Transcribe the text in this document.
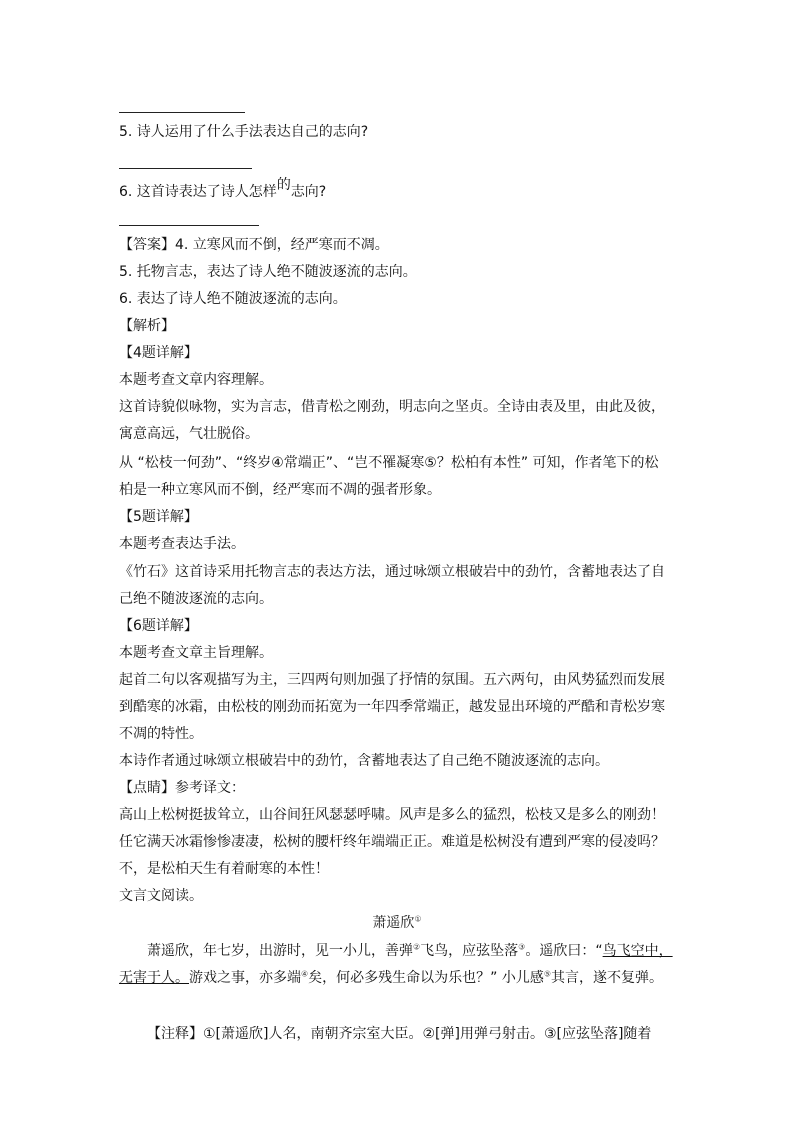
5. 诗人运用了什么手法表达自己的志向?
6. 这首诗表达了诗人怎样的志向?
【答案】4. 立寒风而不倒，经严寒而不凋。
5. 托物言志，表达了诗人绝不随波逐流的志向。
6. 表达了诗人绝不随波逐流的志向。
【解析】
【4题详解】
本题考查文章内容理解。
这首诗貌似咏物，实为言志，借青松之刚劲，明志向之坚贞。全诗由表及里，由此及彼，
寓意高远，气壮脱俗。
从 “松枝一何劲”、“终岁④常端正”、“岂不罹凝寒⑤？松柏有本性” 可知，作者笔下的松
柏是一种立寒风而不倒，经严寒而不凋的强者形象。
【5题详解】
本题考查表达手法。
《竹石》这首诗采用托物言志的表达方法，通过咏颂立根破岩中的劲竹，含蓄地表达了自
己绝不随波逐流的志向。
【6题详解】
本题考查文章主旨理解。
起首二句以客观描写为主，三四两句则加强了抒情的氛围。五六两句，由风势猛烈而发展
到酷寒的冰霜，由松枝的刚劲而拓宽为一年四季常端正，越发显出环境的严酷和青松岁寒
不凋的特性。
本诗作者通过咏颂立根破岩中的劲竹，含蓄地表达了自己绝不随波逐流的志向。
【点睛】参考译文：
高山上松树挺拔耸立，山谷间狂风瑟瑟呼啸。风声是多么的猛烈，松枝又是多么的刚劲！
任它满天冰霜惨惨凄凄，松树的腰杆终年端端正正。难道是松树没有遭到严寒的侵凌吗？
不，是松柏天生有着耐寒的本性！
文言文阅读。
萧遥欣①
萧遥欣，年七岁，出游时，见一小儿，善弹②飞鸟，应弦坠落③。遥欣曰：“鸟飞空中，
无害于人。游戏之事，亦多端④矣，何必多残生命以为乐也？” 小儿感⑤其言，遂不复弹。
【注释】①[萧遥欣]人名，南朝齐宗室大臣。②[弹]用弹弓射击。③[应弦坠落]随着
